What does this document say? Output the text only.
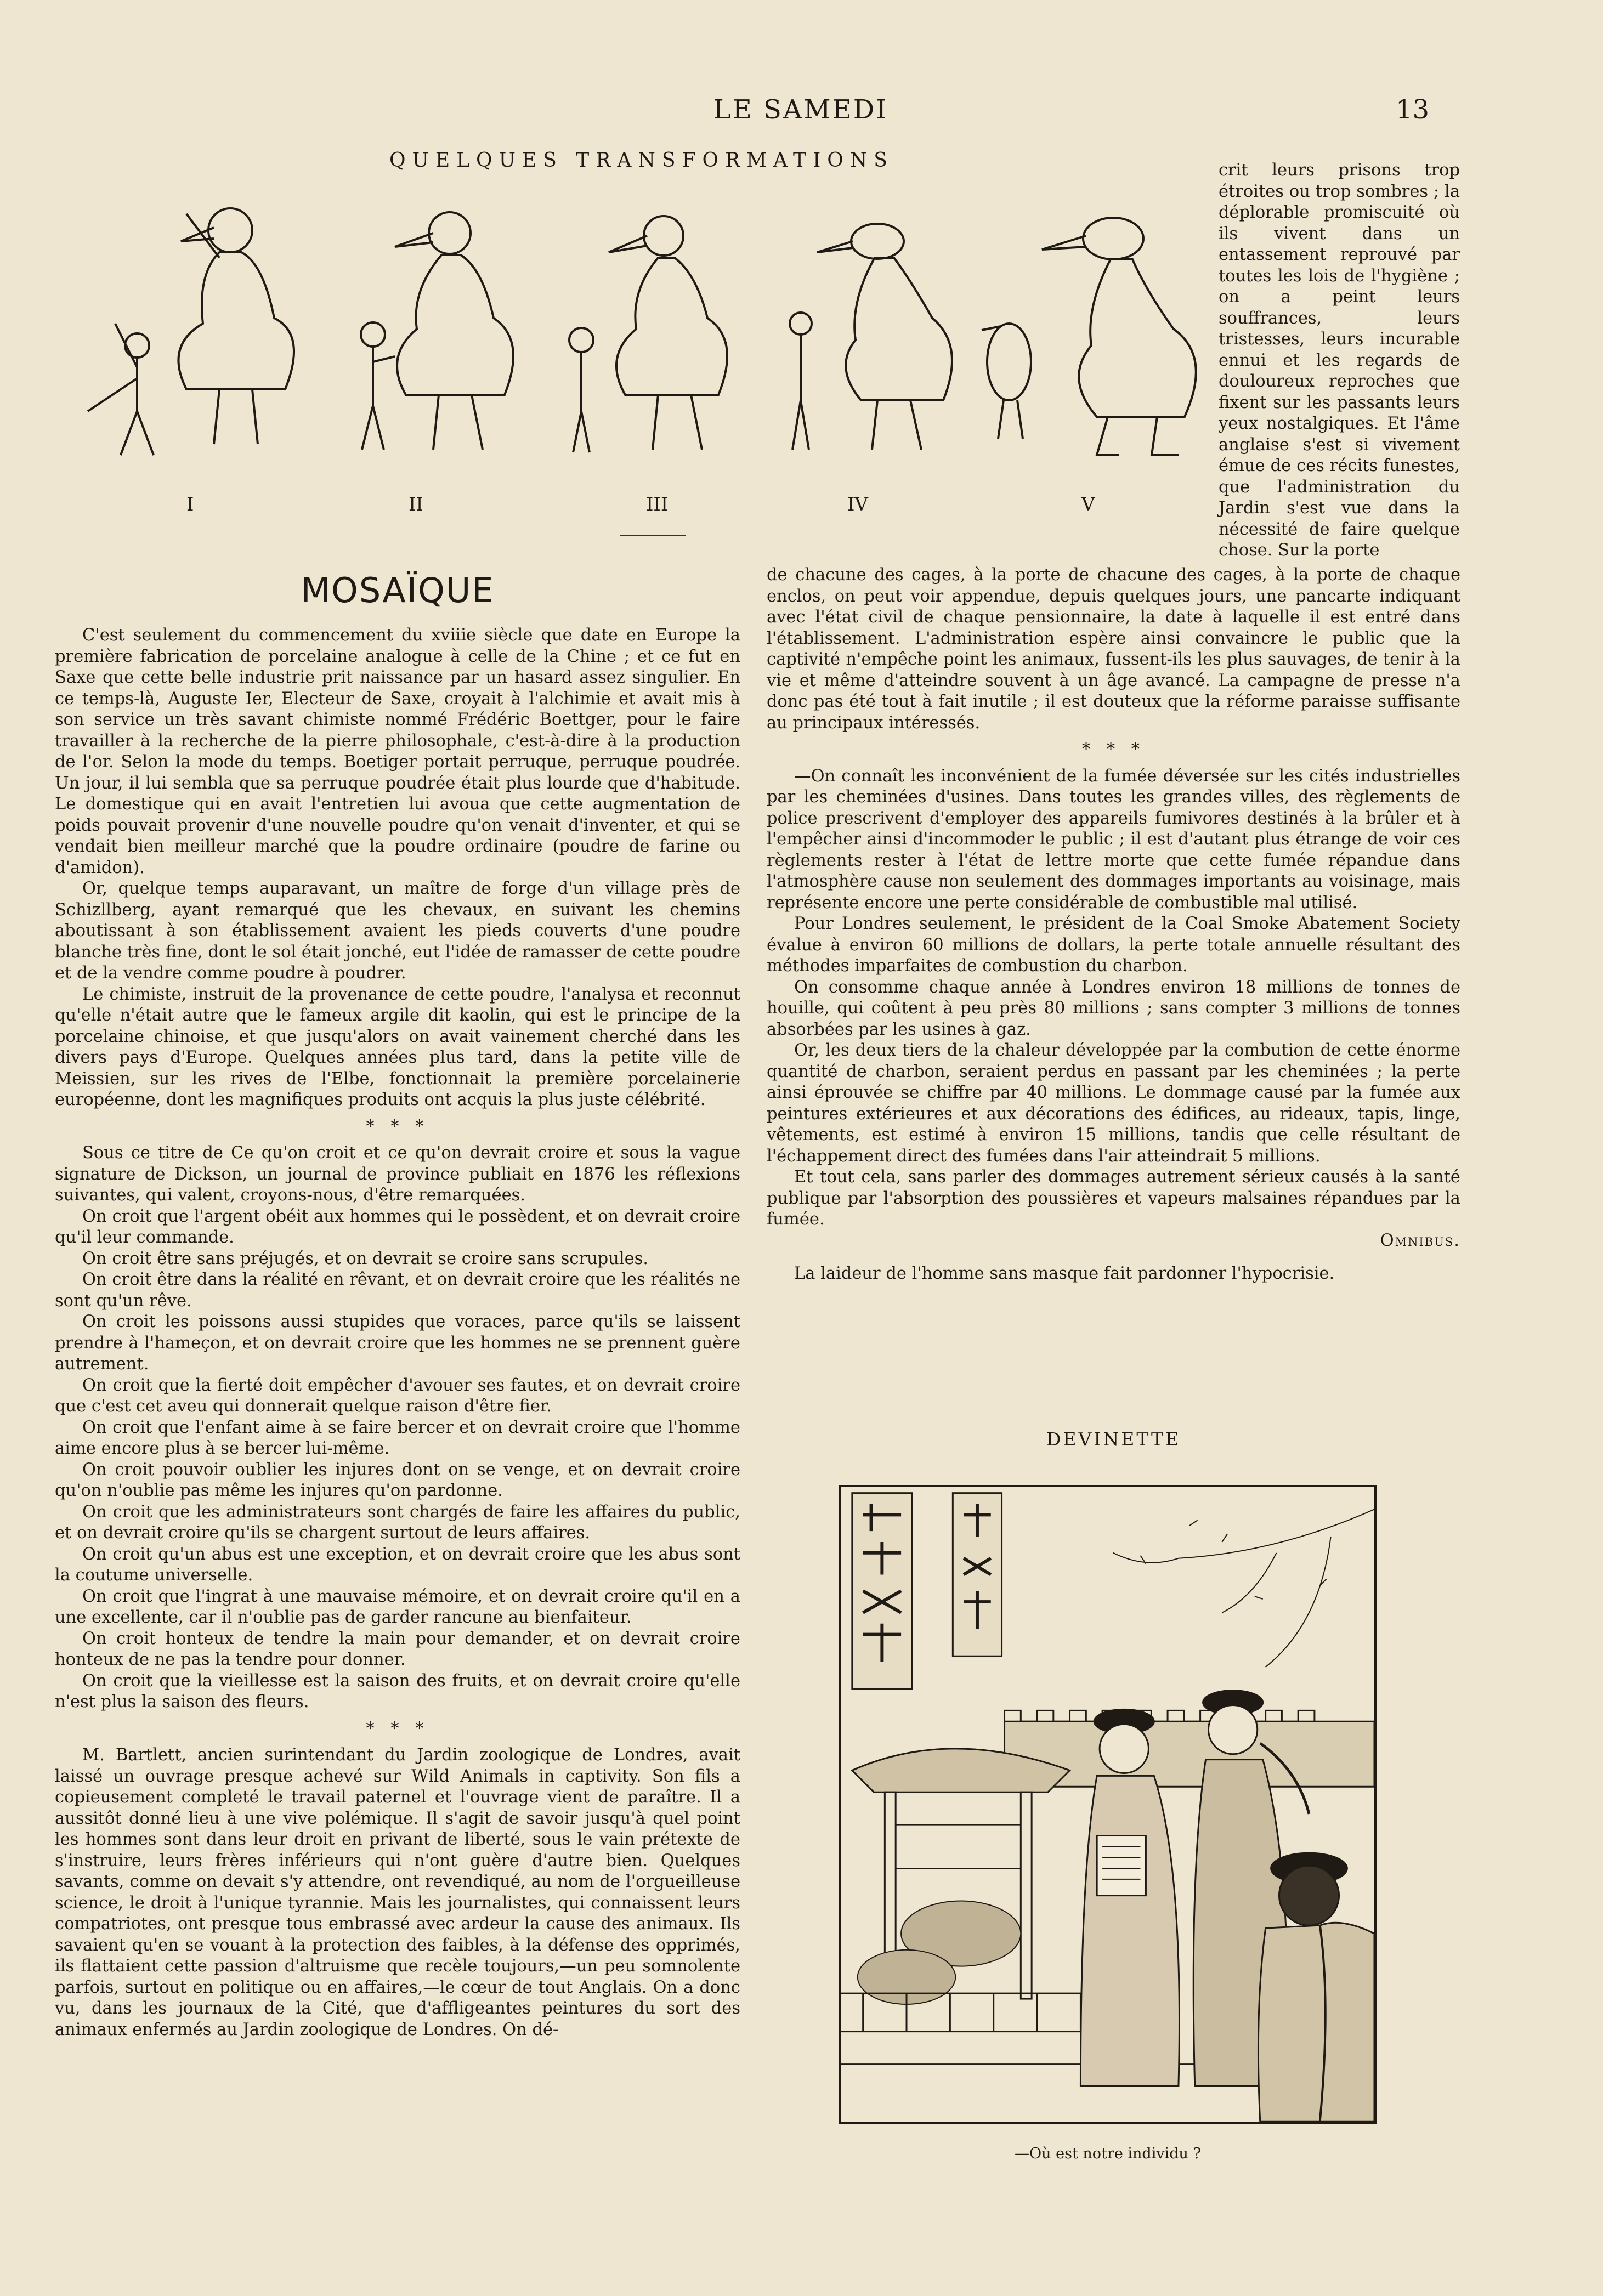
LE SAMEDI	13
QUELQUES TRANSFORMATIONS
I	II	III	IV	V

crit leurs prisons trop étroites ou trop sombres ; la déplorable promiscuité où ils vivent dans un entassement reprouvé par toutes les lois de l'hygiène ; on a peint leurs souffrances, leurs tristesses, leurs incurable ennui et les regards de douloureux reproches que fixent sur les passants leurs yeux nostalgiques. Et l'âme anglaise s'est si vivement émue de ces récits funestes, que l'administration du Jardin s'est vue dans la nécessité de faire quelque chose. Sur la porte

MOSAÏQUE

C'est seulement du commencement du xviiie siècle que date en Europe la première fabrication de porcelaine analogue à celle de la Chine ; et ce fut en Saxe que cette belle industrie prit naissance par un hasard assez singulier. En ce temps-là, Auguste Ier, Electeur de Saxe, croyait à l'alchimie et avait mis à son service un très savant chimiste nommé Frédéric Boettger, pour le faire travailler à la recherche de la pierre philosophale, c'est-à-dire à la production de l'or. Selon la mode du temps. Boetiger portait perruque, perruque poudrée. Un jour, il lui sembla que sa perruque poudrée était plus lourde que d'habitude. Le domestique qui en avait l'entretien lui avoua que cette augmentation de poids pouvait provenir d'une nouvelle poudre qu'on venait d'inventer, et qui se vendait bien meilleur marché que la poudre ordinaire (poudre de farine ou d'amidon).

Or, quelque temps auparavant, un maître de forge d'un village près de Schizllberg, ayant remarqué que les chevaux, en suivant les chemins aboutissant à son établissement avaient les pieds couverts d'une poudre blanche très fine, dont le sol était jonché, eut l'idée de ramasser de cette poudre et de la vendre comme poudre à poudrer.

Le chimiste, instruit de la provenance de cette poudre, l'analysa et reconnut qu'elle n'était autre que le fameux argile dit kaolin, qui est le principe de la porcelaine chinoise, et que jusqu'alors on avait vainement cherché dans les divers pays d'Europe. Quelques années plus tard, dans la petite ville de Meissien, sur les rives de l'Elbe, fonctionnait la première porcelainerie européenne, dont les magnifiques produits ont acquis la plus juste célébrité.

* * *

Sous ce titre de Ce qu'on croit et ce qu'on devrait croire et sous la vague signature de Dickson, un journal de province publiait en 1876 les réflexions suivantes, qui valent, croyons-nous, d'être remarquées.

On croit que l'argent obéit aux hommes qui le possèdent, et on devrait croire qu'il leur commande.

On croit être sans préjugés, et on devrait se croire sans scrupules.

On croit être dans la réalité en rêvant, et on devrait croire que les réalités ne sont qu'un rêve.

On croit les poissons aussi stupides que voraces, parce qu'ils se laissent prendre à l'hameçon, et on devrait croire que les hommes ne se prennent guère autrement.

On croit que la fierté doit empêcher d'avouer ses fautes, et on devrait croire que c'est cet aveu qui donnerait quelque raison d'être fier.

On croit que l'enfant aime à se faire bercer et on devrait croire que l'homme aime encore plus à se bercer lui-même.

On croit pouvoir oublier les injures dont on se venge, et on devrait croire qu'on n'oublie pas même les injures qu'on pardonne.

On croit que les administrateurs sont chargés de faire les affaires du public, et on devrait croire qu'ils se chargent surtout de leurs affaires.

On croit qu'un abus est une exception, et on devrait croire que les abus sont la coutume universelle.

On croit que l'ingrat à une mauvaise mémoire, et on devrait croire qu'il en a une excellente, car il n'oublie pas de garder rancune au bienfaiteur.

On croit honteux de tendre la main pour demander, et on devrait croire honteux de ne pas la tendre pour donner.

On croit que la vieillesse est la saison des fruits, et on devrait croire qu'elle n'est plus la saison des fleurs.

* * *

M. Bartlett, ancien surintendant du Jardin zoologique de Londres, avait laissé un ouvrage presque achevé sur Wild Animals in captivity. Son fils a copieusement completé le travail paternel et l'ouvrage vient de paraître. Il a aussitôt donné lieu à une vive polémique. Il s'agit de savoir jusqu'à quel point les hommes sont dans leur droit en privant de liberté, sous le vain prétexte de s'instruire, leurs frères inférieurs qui n'ont guère d'autre bien. Quelques savants, comme on devait s'y attendre, ont revendiqué, au nom de l'orgueilleuse science, le droit à l'unique tyrannie. Mais les journalistes, qui connaissent leurs compatriotes, ont presque tous embrassé avec ardeur la cause des animaux. Ils savaient qu'en se vouant à la protection des faibles, à la défense des opprimés, ils flattaient cette passion d'altruisme que recèle toujours,—un peu somnolente parfois, surtout en politique ou en affaires,—le cœur de tout Anglais. On a donc vu, dans les journaux de la Cité, que d'affligeantes peintures du sort des animaux enfermés au Jardin zoologique de Londres. On dé-

de chacune des cages, à la porte de chacune des cages, à la porte de chaque enclos, on peut voir appendue, depuis quelques jours, une pancarte indiquant avec l'état civil de chaque pensionnaire, la date à laquelle il est entré dans l'établissement. L'administration espère ainsi convaincre le public que la captivité n'empêche point les animaux, fussent-ils les plus sauvages, de tenir à la vie et même d'atteindre souvent à un âge avancé. La campagne de presse n'a donc pas été tout à fait inutile ; il est douteux que la réforme paraisse suffisante au principaux intéressés.

* * *

—On connaît les inconvénient de la fumée déversée sur les cités industrielles par les cheminées d'usines. Dans toutes les grandes villes, des règlements de police prescrivent d'employer des appareils fumivores destinés à la brûler et à l'empêcher ainsi d'incommoder le public ; il est d'autant plus étrange de voir ces règlements rester à l'état de lettre morte que cette fumée répandue dans l'atmosphère cause non seulement des dommages importants au voisinage, mais représente encore une perte considérable de combustible mal utilisé.

Pour Londres seulement, le président de la Coal Smoke Abatement Society évalue à environ 60 millions de dollars, la perte totale annuelle résultant des méthodes imparfaites de combustion du charbon.

On consomme chaque année à Londres environ 18 millions de tonnes de houille, qui coûtent à peu près 80 millions ; sans compter 3 millions de tonnes absorbées par les usines à gaz.

Or, les deux tiers de la chaleur développée par la combution de cette énorme quantité de charbon, seraient perdus en passant par les cheminées ; la perte ainsi éprouvée se chiffre par 40 millions. Le dommage causé par la fumée aux peintures extérieures et aux décorations des édifices, au rideaux, tapis, linge, vêtements, est estimé à environ 15 millions, tandis que celle résultant de l'échappement direct des fumées dans l'air atteindrait 5 millions.

Et tout cela, sans parler des dommages autrement sérieux causés à la santé publique par l'absorption des poussières et vapeurs malsaines répandues par la fumée.

Omnibus.

La laideur de l'homme sans masque fait pardonner l'hypocrisie.

DEVINETTE
—Où est notre individu ?
